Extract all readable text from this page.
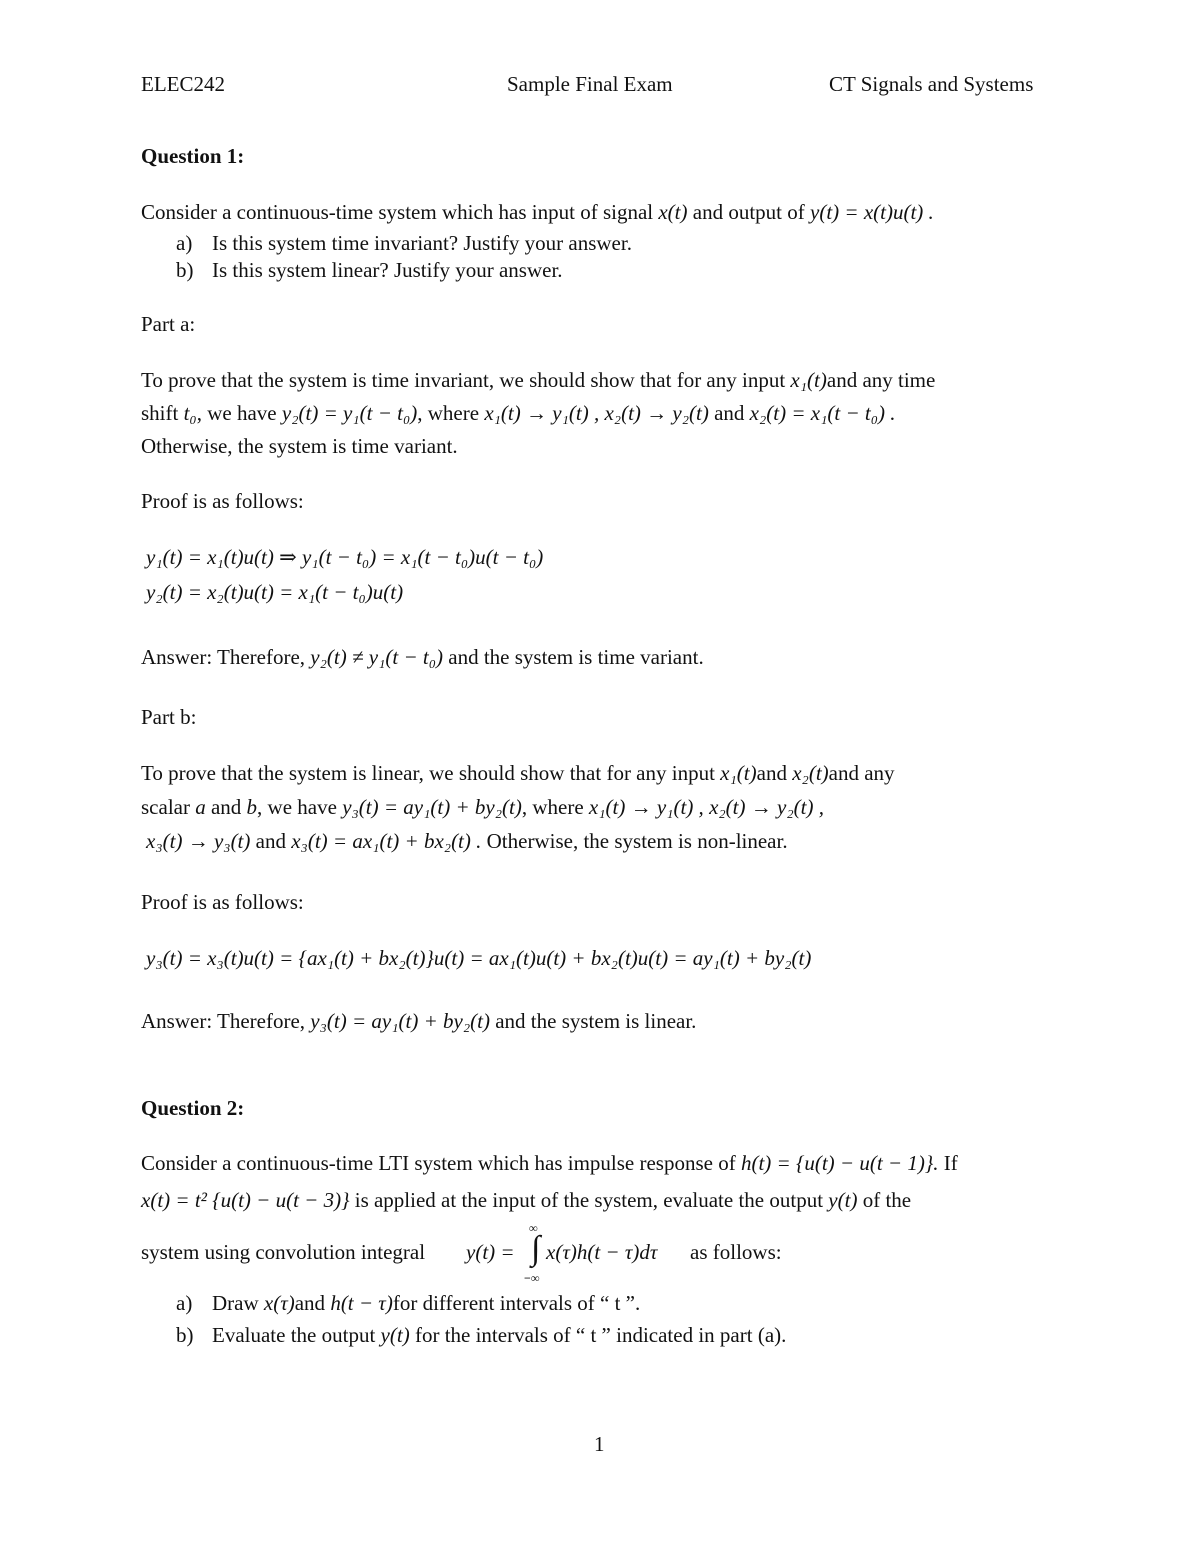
ELEC242	Sample Final Exam	CT Signals and Systems
Question 1:
Consider a continuous-time system which has input of signal x(t) and output of y(t) = x(t)u(t) .
a) Is this system time invariant? Justify your answer.
b) Is this system linear? Justify your answer.
Part a:
To prove that the system is time invariant, we should show that for any input x₁(t)and any time
shift t₀, we have y₂(t) = y₁(t − t₀), where x₁(t) → y₁(t) , x₂(t) → y₂(t) and x₂(t) = x₁(t − t₀) .
Otherwise, the system is time variant.
Proof is as follows:
y₁(t) = x₁(t)u(t) ⇒ y₁(t − t₀) = x₁(t − t₀)u(t − t₀)
y₂(t) = x₂(t)u(t) = x₁(t − t₀)u(t)
Answer: Therefore, y₂(t) ≠ y₁(t − t₀) and the system is time variant.
Part b:
To prove that the system is linear, we should show that for any input x₁(t)and x₂(t)and any
scalar a and b, we have y₃(t) = ay₁(t) + by₂(t), where x₁(t) → y₁(t) , x₂(t) → y₂(t) ,
x₃(t) → y₃(t) and x₃(t) = ax₁(t) + bx₂(t) . Otherwise, the system is non-linear.
Proof is as follows:
y₃(t) = x₃(t)u(t) = {ax₁(t) + bx₂(t)}u(t) = ax₁(t)u(t) + bx₂(t)u(t) = ay₁(t) + by₂(t)
Answer: Therefore, y₃(t) = ay₁(t) + by₂(t) and the system is linear.
Question 2:
Consider a continuous-time LTI system which has impulse response of h(t) = {u(t) − u(t − 1)}. If
x(t) = t² {u(t) − u(t − 3)} is applied at the input of the system, evaluate the output y(t) of the
system using convolution integral y(t) =
∞
∫
−∞
x(τ)h(t − τ)dτ as follows:
a) Draw x(τ)and h(t − τ)for different intervals of “ t ”.
b) Evaluate the output y(t) for the intervals of “ t ” indicated in part (a).
1
